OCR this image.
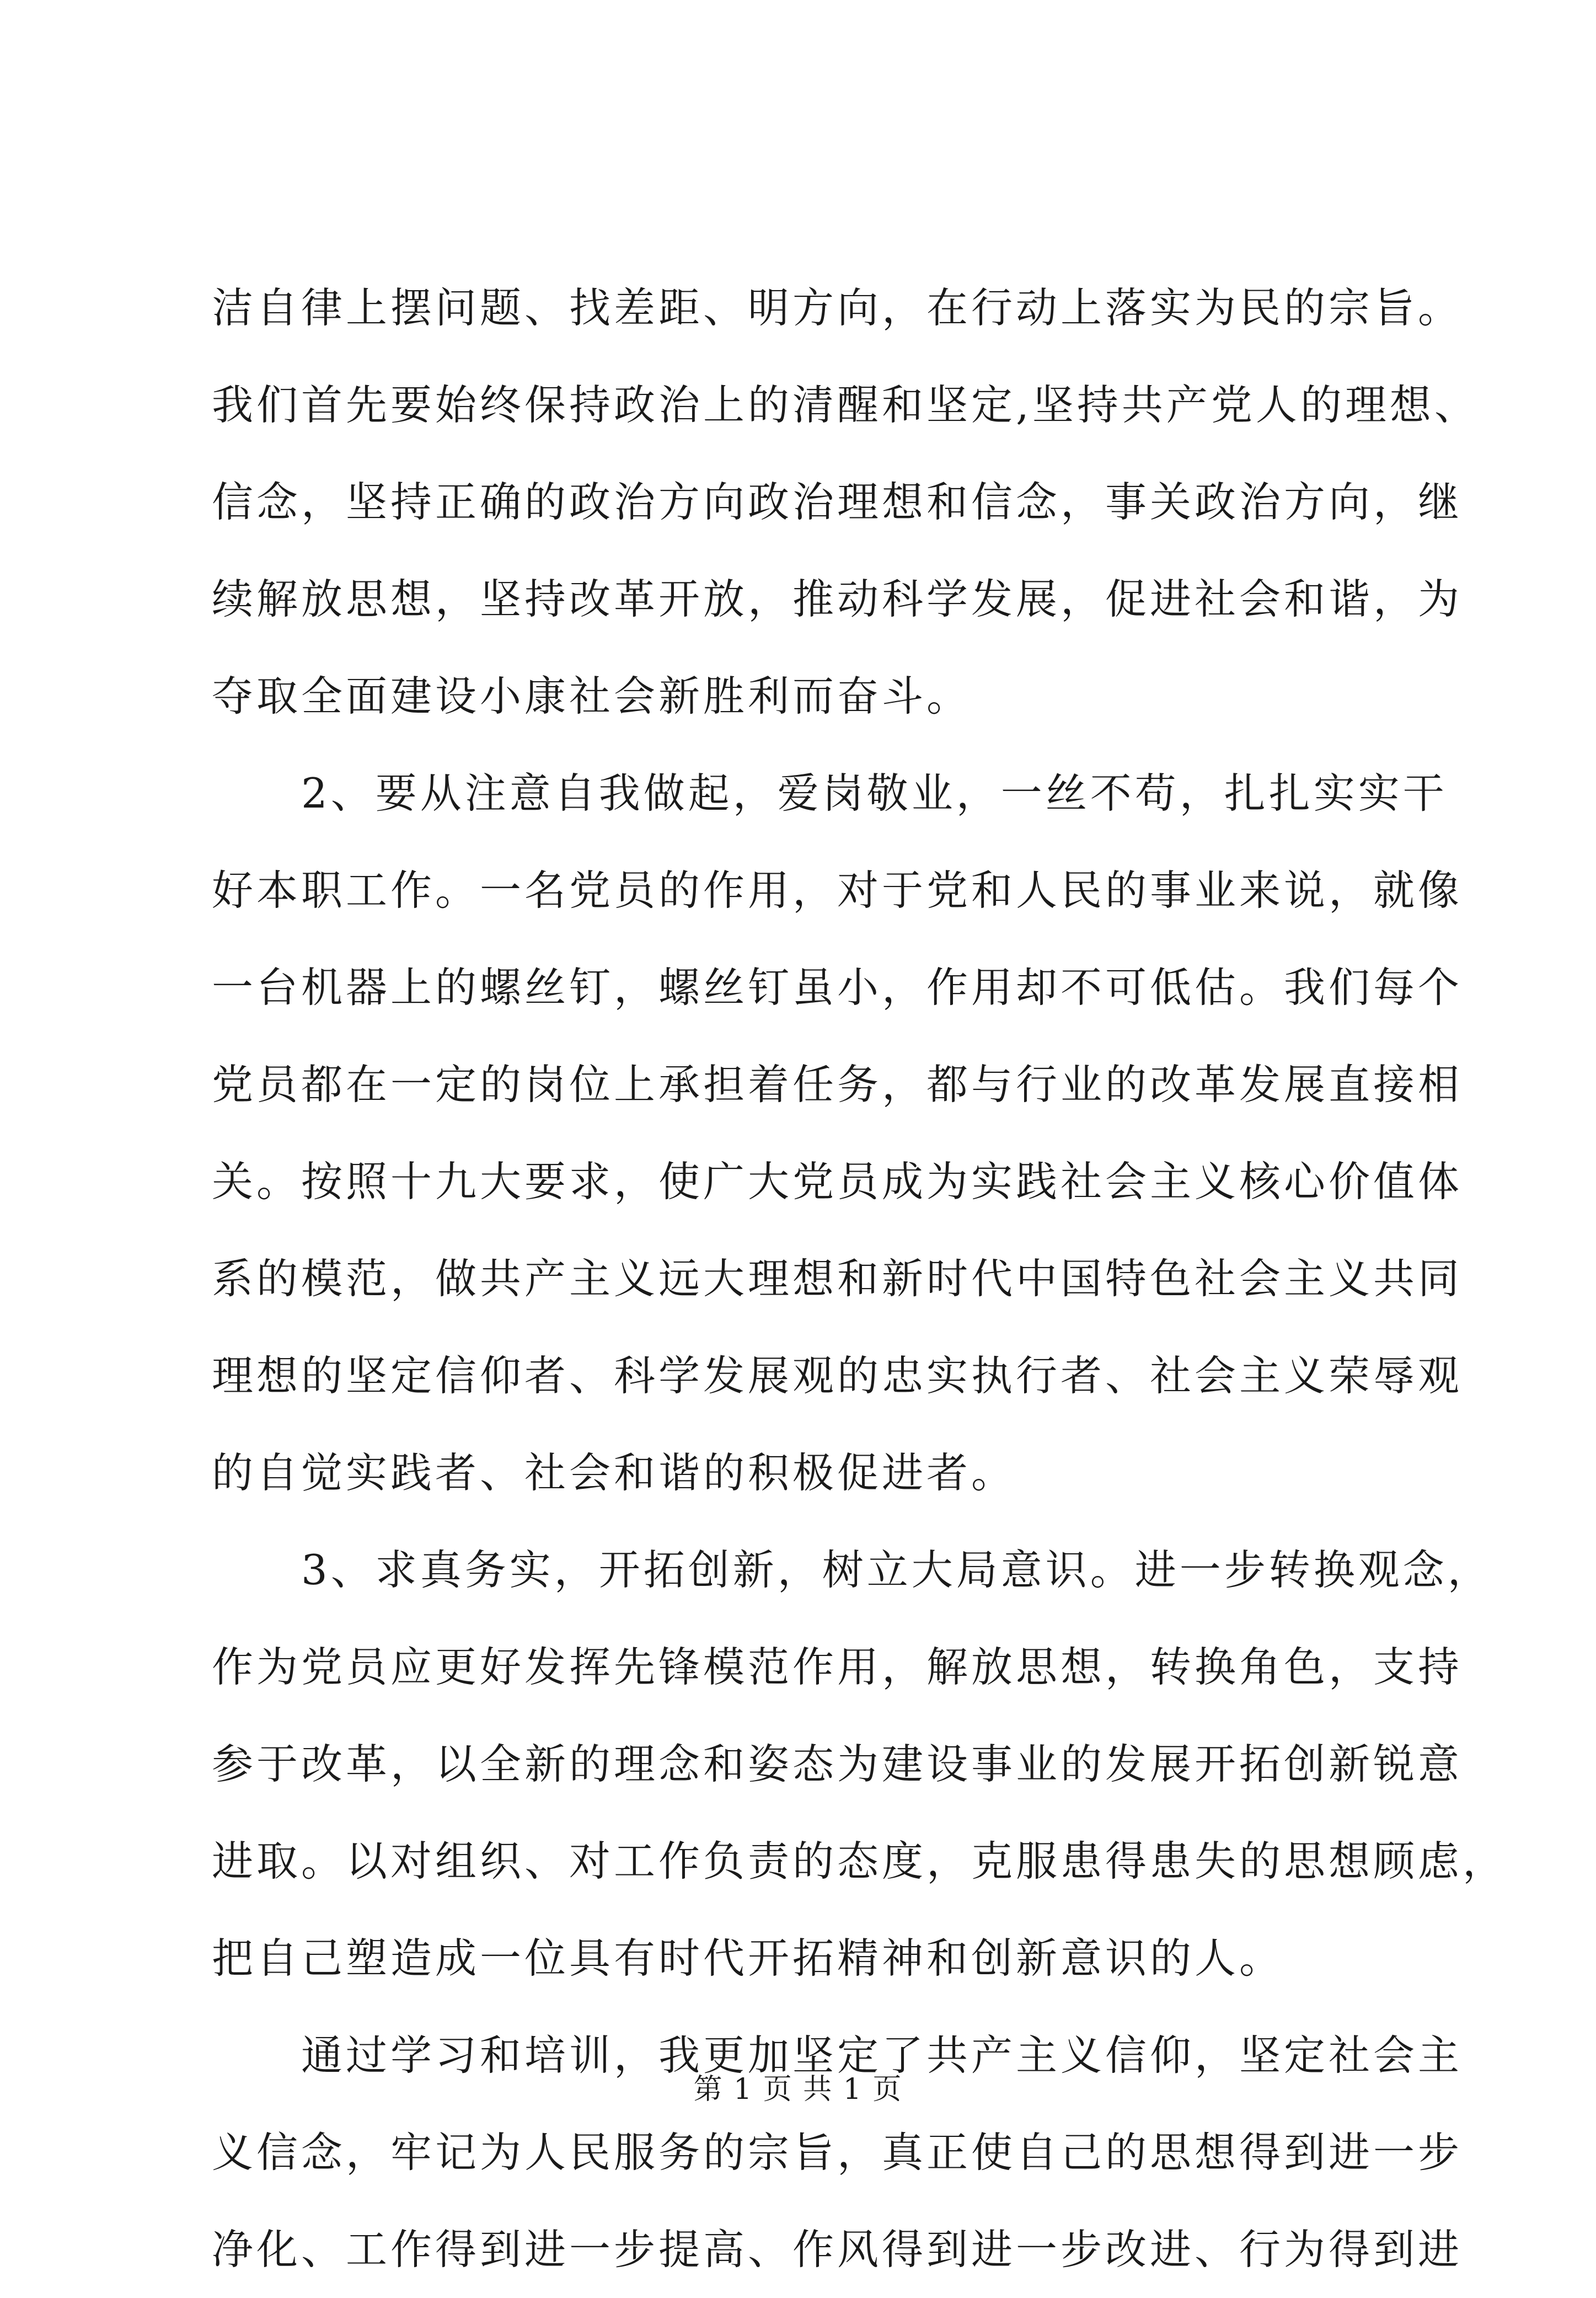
洁自律上摆问题、找差距、明方向，在行动上落实为民的宗旨。
我们首先要始终保持政治上的清醒和坚定,坚持共产党人的理想、
信念，坚持正确的政治方向政治理想和信念，事关政治方向，继
续解放思想，坚持改革开放，推动科学发展，促进社会和谐，为
夺取全面建设小康社会新胜利而奋斗。
　　2、要从注意自我做起，爱岗敬业，一丝不苟，扎扎实实干
好本职工作。一名党员的作用，对于党和人民的事业来说，就像
一台机器上的螺丝钉，螺丝钉虽小，作用却不可低估。我们每个
党员都在一定的岗位上承担着任务，都与行业的改革发展直接相
关。按照十九大要求，使广大党员成为实践社会主义核心价值体
系的模范，做共产主义远大理想和新时代中国特色社会主义共同
理想的坚定信仰者、科学发展观的忠实执行者、社会主义荣辱观
的自觉实践者、社会和谐的积极促进者。
　　3、求真务实，开拓创新，树立大局意识。进一步转换观念，
作为党员应更好发挥先锋模范作用，解放思想，转换角色，支持
参于改革，以全新的理念和姿态为建设事业的发展开拓创新锐意
进取。以对组织、对工作负责的态度，克服患得患失的思想顾虑，
把自己塑造成一位具有时代开拓精神和创新意识的人。
　　通过学习和培训，我更加坚定了共产主义信仰，坚定社会主
义信念，牢记为人民服务的宗旨，真正使自己的思想得到进一步
净化、工作得到进一步提高、作风得到进一步改进、行为得到进
第 1 页 共 1 页
